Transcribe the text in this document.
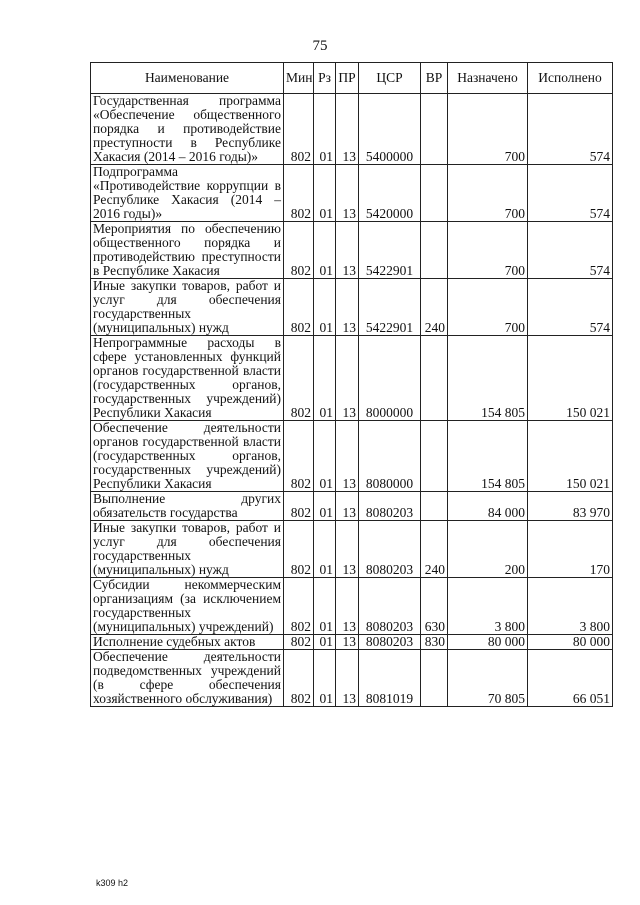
75
Наименование	Мин	Рз	ПР	ЦСР	ВР	Назначено	Исполнено
Государственная программа «Обеспечение общественного порядка и противодействие преступности в Республике Хакасия (2014 – 2016 годы)»	802	01	13	5400000		700	574
Подпрограмма «Противодействие коррупции в Республике Хакасия (2014 – 2016 годы)»	802	01	13	5420000		700	574
Мероприятия по обеспечению общественного порядка и противодействию преступности в Республике Хакасия	802	01	13	5422901		700	574
Иные закупки товаров, работ и услуг для обеспечения государственных (муниципальных) нужд	802	01	13	5422901	240	700	574
Непрограммные расходы в сфере установленных функций органов государственной власти (государственных органов, государственных учреждений) Республики Хакасия	802	01	13	8000000		154 805	150 021
Обеспечение деятельности органов государственной власти (государственных органов, государственных учреждений) Республики Хакасия	802	01	13	8080000		154 805	150 021
Выполнение других обязательств государства	802	01	13	8080203		84 000	83 970
Иные закупки товаров, работ и услуг для обеспечения государственных (муниципальных) нужд	802	01	13	8080203	240	200	170
Субсидии некоммерческим организациям (за исключением государственных (муниципальных) учреждений)	802	01	13	8080203	630	3 800	3 800
Исполнение судебных актов	802	01	13	8080203	830	80 000	80 000
Обеспечение деятельности подведомственных учреждений (в сфере обеспечения хозяйственного обслуживания)	802	01	13	8081019		70 805	66 051
k309 h2
